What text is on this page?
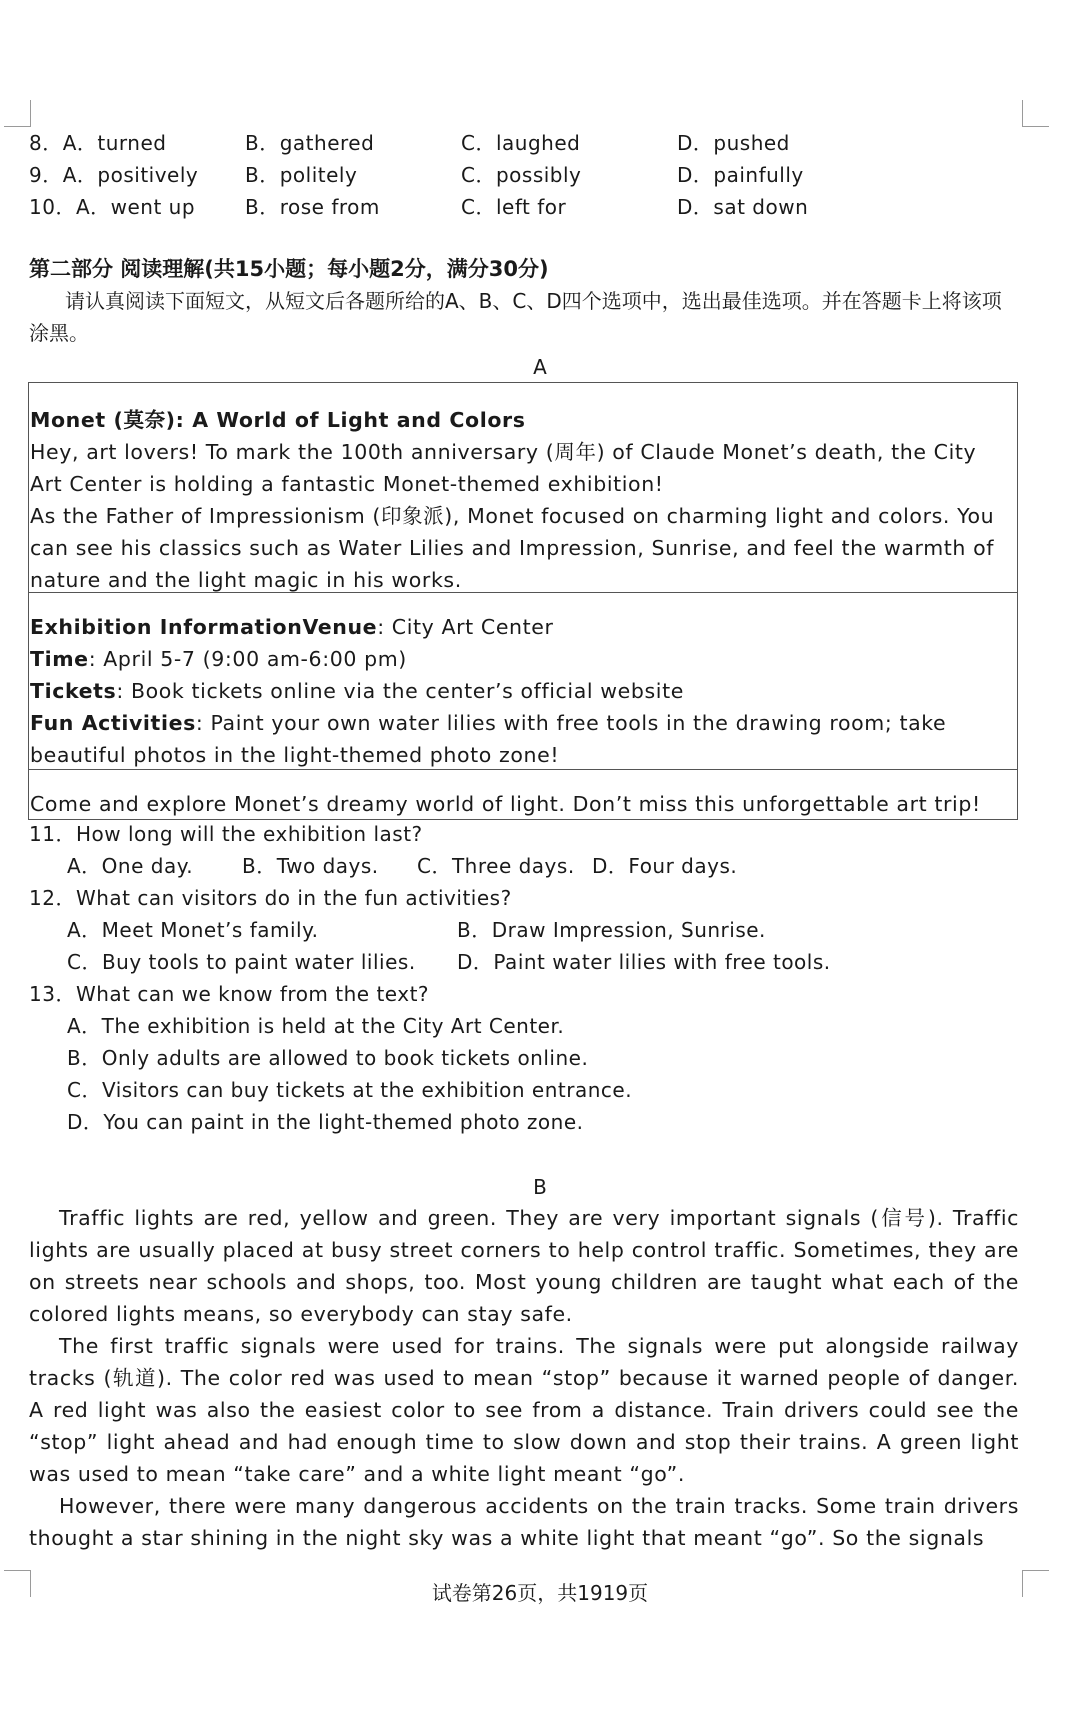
8．A．turned	B．gathered	C．laughed	D．pushed
9．A．positively	B．politely	C．possibly	D．painfully
10．A．went up	B．rose from	C．left for	D．sat down
第二部分 阅读理解(共15小题；每小题2分，满分30分)
请认真阅读下面短文，从短文后各题所给的A、B、C、D四个选项中，选出最佳选项。并在答题卡上将该项涂黑。
A
Monet (莫奈): A World of Light and Colors
Hey, art lovers! To mark the 100th anniversary (周年) of Claude Monet’s death, the City Art Center is holding a fantastic Monet-themed exhibition!
As the Father of Impressionism (印象派), Monet focused on charming light and colors. You can see his classics such as Water Lilies and Impression, Sunrise, and feel the warmth of nature and the light magic in his works.
Exhibition InformationVenue: City Art Center
Time: April 5-7 (9:00 am-6:00 pm)
Tickets: Book tickets online via the center’s official website
Fun Activities: Paint your own water lilies with free tools in the drawing room; take beautiful photos in the light-themed photo zone!
Come and explore Monet’s dreamy world of light. Don’t miss this unforgettable art trip!
11．How long will the exhibition last?
A．One day.	B．Two days.	C．Three days. D．Four days.
12．What can visitors do in the fun activities?
A．Meet Monet’s family.	B．Draw Impression, Sunrise.
C．Buy tools to paint water lilies.	D．Paint water lilies with free tools.
13．What can we know from the text?
A．The exhibition is held at the City Art Center.
B．Only adults are allowed to book tickets online.
C．Visitors can buy tickets at the exhibition entrance.
D．You can paint in the light-themed photo zone.
B

Traffic lights are red, yellow and green. They are very important signals (信号). Traffic lights are usually placed at busy street corners to help control traffic. Sometimes, they are on streets near schools and shops, too. Most young children are taught what each of the colored lights means, so everybody can stay safe.

The first traffic signals were used for trains. The signals were put alongside railway tracks (轨道). The color red was used to mean “stop” because it warned people of danger. A red light was also the easiest color to see from a distance. Train drivers could see the “stop” light ahead and had enough time to slow down and stop their trains. A green light was used to mean “take care” and a white light meant “go”.

However, there were many dangerous accidents on the train tracks. Some train drivers thought a star shining in the night sky was a white light that meant “go”. So the signals

试卷第26页，共1919页
